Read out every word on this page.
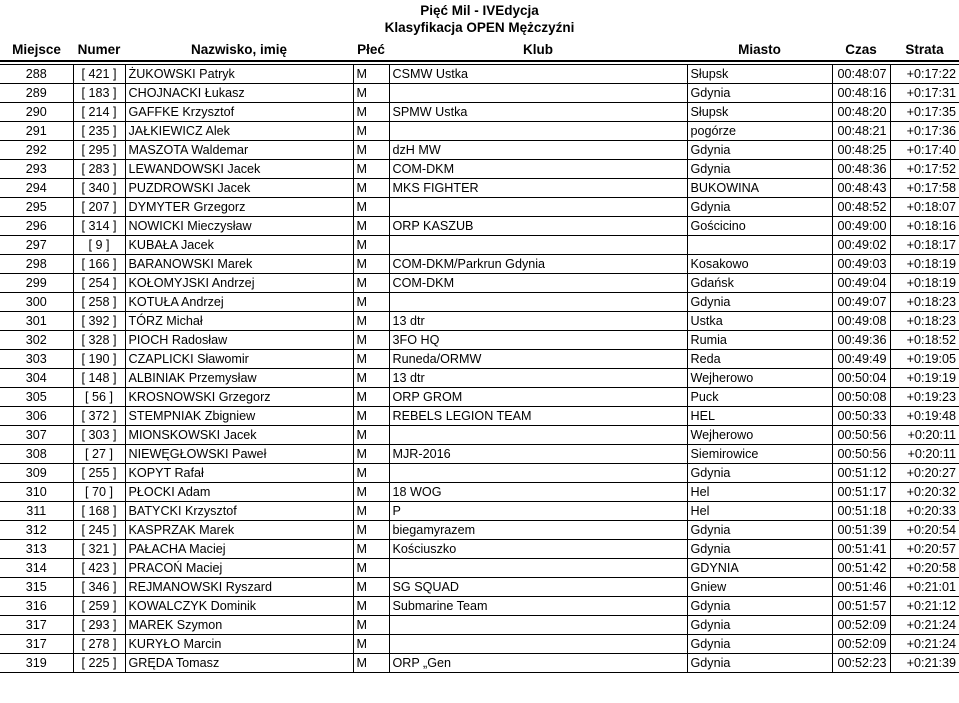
Pięć Mil - IVEdycja
Klasyfikacja OPEN Mężczyźni
Miejsce	Numer	Nazwisko, imię	Płeć	Klub	Miasto	Czas	Strata

288	[ 421 ]	ŻUKOWSKI Patryk	M	CSMW Ustka	Słupsk	00:48:07	+0:17:22
289	[ 183 ]	CHOJNACKI Łukasz	M		Gdynia	00:48:16	+0:17:31
290	[ 214 ]	GAFFKE Krzysztof	M	SPMW Ustka	Słupsk	00:48:20	+0:17:35
291	[ 235 ]	JAŁKIEWICZ Alek	M		pogórze	00:48:21	+0:17:36
292	[ 295 ]	MASZOTA Waldemar	M	dzH MW	Gdynia	00:48:25	+0:17:40
293	[ 283 ]	LEWANDOWSKI Jacek	M	COM-DKM	Gdynia	00:48:36	+0:17:52
294	[ 340 ]	PUZDROWSKI Jacek	M	MKS FIGHTER	BUKOWINA	00:48:43	+0:17:58
295	[ 207 ]	DYMYTER Grzegorz	M		Gdynia	00:48:52	+0:18:07
296	[ 314 ]	NOWICKI Mieczysław	M	ORP KASZUB	Gościcino	00:49:00	+0:18:16
297	[ 9 ]	KUBAŁA Jacek	M			00:49:02	+0:18:17
298	[ 166 ]	BARANOWSKI Marek	M	COM-DKM/Parkrun Gdynia	Kosakowo	00:49:03	+0:18:19
299	[ 254 ]	KOŁOMYJSKI Andrzej	M	COM-DKM	Gdańsk	00:49:04	+0:18:19
300	[ 258 ]	KOTUŁA Andrzej	M		Gdynia	00:49:07	+0:18:23
301	[ 392 ]	TÓRZ Michał	M	13 dtr	Ustka	00:49:08	+0:18:23
302	[ 328 ]	PIOCH Radosław	M	3FO HQ	Rumia	00:49:36	+0:18:52
303	[ 190 ]	CZAPLICKI Sławomir	M	Runeda/ORMW	Reda	00:49:49	+0:19:05
304	[ 148 ]	ALBINIAK Przemysław	M	13 dtr	Wejherowo	00:50:04	+0:19:19
305	[ 56 ]	KROSNOWSKI Grzegorz	M	ORP GROM	Puck	00:50:08	+0:19:23
306	[ 372 ]	STEMPNIAK Zbigniew	M	REBELS LEGION TEAM	HEL	00:50:33	+0:19:48
307	[ 303 ]	MIONSKOWSKI Jacek	M		Wejherowo	00:50:56	+0:20:11
308	[ 27 ]	NIEWĘGŁOWSKI Paweł	M	MJR-2016	Siemirowice	00:50:56	+0:20:11
309	[ 255 ]	KOPYT Rafał	M		Gdynia	00:51:12	+0:20:27
310	[ 70 ]	PŁOCKI Adam	M	18 WOG	Hel	00:51:17	+0:20:32
311	[ 168 ]	BATYCKI Krzysztof	M	P	Hel	00:51:18	+0:20:33
312	[ 245 ]	KASPRZAK Marek	M	biegamyrazem	Gdynia	00:51:39	+0:20:54
313	[ 321 ]	PAŁACHA Maciej	M	Kościuszko	Gdynia	00:51:41	+0:20:57
314	[ 423 ]	PRACOŃ Maciej	M		GDYNIA	00:51:42	+0:20:58
315	[ 346 ]	REJMANOWSKI Ryszard	M	SG SQUAD	Gniew	00:51:46	+0:21:01
316	[ 259 ]	KOWALCZYK Dominik	M	Submarine Team	Gdynia	00:51:57	+0:21:12
317	[ 293 ]	MAREK Szymon	M		Gdynia	00:52:09	+0:21:24
317	[ 278 ]	KURYŁO Marcin	M		Gdynia	00:52:09	+0:21:24
319	[ 225 ]	GRĘDA Tomasz	M	ORP „Gen	Gdynia	00:52:23	+0:21:39
